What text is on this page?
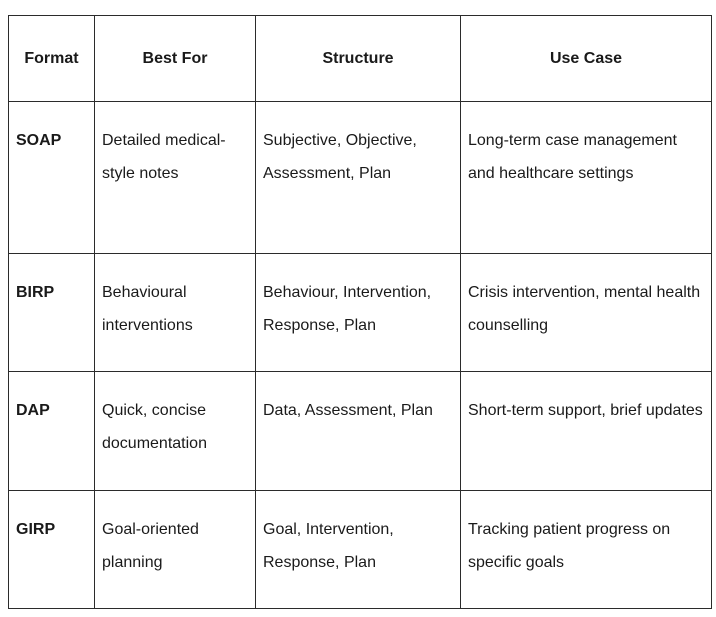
Format	Best For	Structure	Use Case
SOAP	Detailed medical-style notes	Subjective, Objective, Assessment, Plan	Long-term case management and healthcare settings
BIRP	Behavioural interventions	Behaviour, Intervention, Response, Plan	Crisis intervention, mental health counselling
DAP	Quick, concise documentation	Data, Assessment, Plan	Short-term support, brief updates
GIRP	Goal-oriented planning	Goal, Intervention, Response, Plan	Tracking patient progress on specific goals
